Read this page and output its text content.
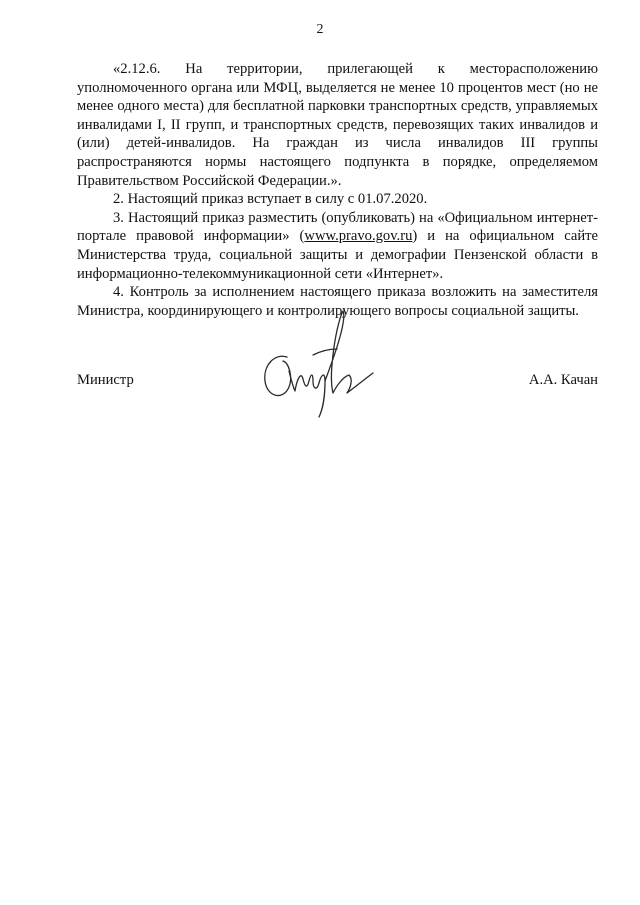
2

«2.12.6. На территории, прилегающей к месторасположению уполномоченного органа или МФЦ, выделяется не менее 10 процентов мест (но не менее одного места) для бесплатной парковки транспортных средств, управляемых инвалидами I, II групп, и транспортных средств, перевозящих таких инвалидов и (или) детей-инвалидов. На граждан из числа инвалидов III группы распространяются нормы настоящего подпункта в порядке, определяемом Правительством Российской Федерации.».

2. Настоящий приказ вступает в силу с 01.07.2020.

3. Настоящий приказ разместить (опубликовать) на «Официальном интернет-портале правовой информации» (www.pravo.gov.ru) и на официальном сайте Министерства труда, социальной защиты и демографии Пензенской области в информационно-телекоммуникационной сети «Интернет».

4. Контроль за исполнением настоящего приказа возложить на заместителя Министра, координирующего и контролирующего вопросы социальной защиты.

Министр	А.А. Качан
